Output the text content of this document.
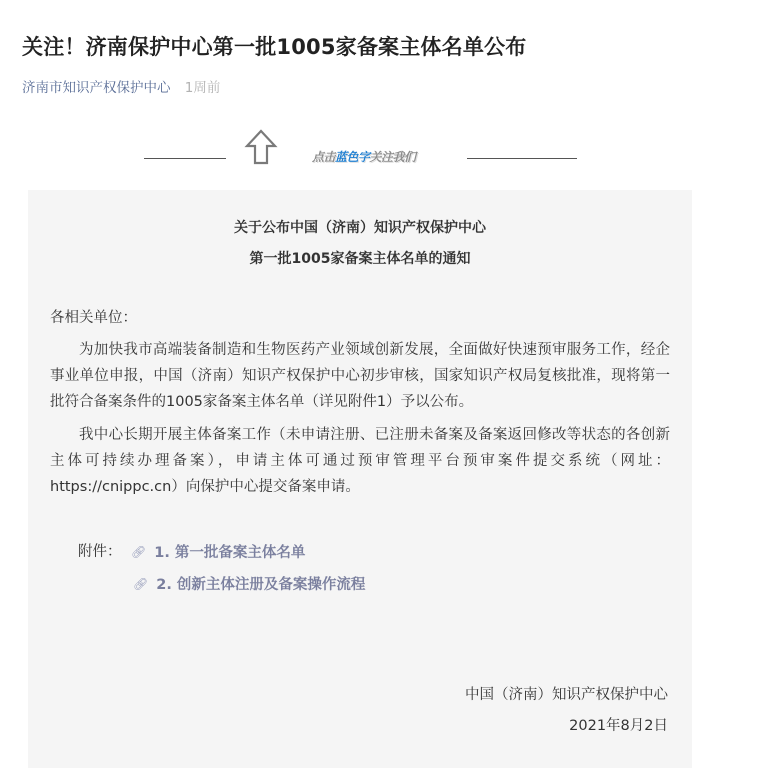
关注！济南保护中心第一批1005家备案主体名单公布
济南市知识产权保护中心 1周前
点击蓝色字关注我们
关于公布中国（济南）知识产权保护中心
第一批1005家备案主体名单的通知
各相关单位：

为加快我市高端装备制造和生物医药产业领域创新发展，全面做好快速预审服务工作，经企事业单位申报，中国（济南）知识产权保护中心初步审核，国家知识产权局复核批准，现将第一批符合备案条件的1005家备案主体名单（详见附件1）予以公布。

我中心长期开展主体备案工作（未申请注册、已注册未备案及备案返回修改等状态的各创新主体可持续办理备案），申请主体可通过预审管理平台预审案件提交系统（网址：https://cnippc.cn）向保护中心提交备案申请。

附件： 🔗︎ 1. 第一批备案主体名单
🔗︎ 2. 创新主体注册及备案操作流程
中国（济南）知识产权保护中心
2021年8月2日
